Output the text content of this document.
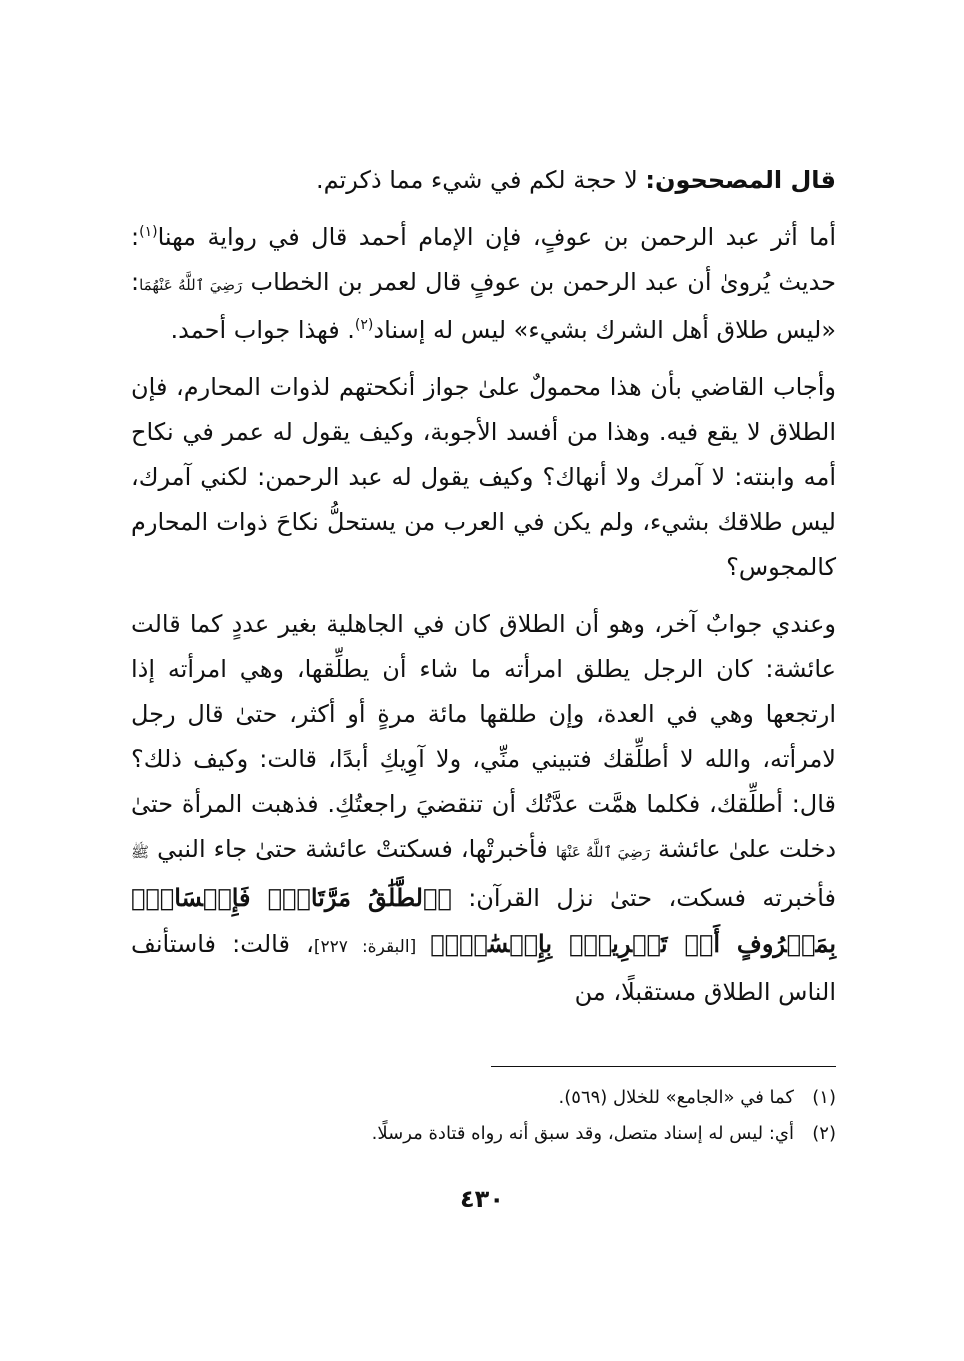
قال المصححون: لا حجة لكم في شيء مما ذكرتم.

أما أثر عبد الرحمن بن عوفٍ، فإن الإمام أحمد قال في رواية مهنا$^{(١)}$: حديث يُروىٰ أن عبد الرحمن بن عوفٍ قال لعمر بن الخطاب رَضِيَ ٱللَّهُ عَنْهُمَا: «ليس طلاق أهل الشرك بشيء» ليس له إسناد$^{(٢)}$. فهذا جواب أحمد.

وأجاب القاضي بأن هذا محمولٌ علىٰ جواز أنكحتهم لذوات المحارم، فإن الطلاق لا يقع فيه. وهذا من أفسد الأجوبة، وكيف يقول له عمر في نكاح أمه وابنته: لا آمرك ولا أنهاك؟ وكيف يقول له عبد الرحمن: لكني آمرك، ليس طلاقك بشيء، ولم يكن في العرب من يستحلُّ نكاحَ ذوات المحارم كالمجوس؟

وعندي جوابٌ آخر، وهو أن الطلاق كان في الجاهلية بغير عددٍ كما قالت عائشة: كان الرجل يطلق امرأته ما شاء أن يطلِّقها، وهي امرأته إذا ارتجعها وهي في العدة، وإن طلقها مائة مرةٍ أو أكثر، حتىٰ قال رجل لامرأته، والله لا أطلِّقك فتبيني منِّي، ولا آوِيكِ أبدًا، قالت: وكيف ذلك؟ قال: أطلِّقك، فكلما همَّت عدَّتُك أن تنقضيَ راجعتُكِ. فذهبت المرأة حتىٰ دخلت علىٰ عائشة رَضِيَ ٱللَّهُ عَنْهَا فأخبرتْها، فسكتتْ عائشة حتىٰ جاء النبي ﷺ فأخبرته فسكت، حتىٰ نزل القرآن: ﴿ٱلطَّلَٰقُ مَرَّتَانِۖ فَإِمۡسَاكُۢ بِمَعۡرُوفٍ أَوۡ تَسۡرِيحُۢ بِإِحۡسَٰنٖۗ﴾ [البقرة: ٢٢٧]، قالت: فاستأنف الناس الطلاق مستقبلًا، من

(١)
كما في «الجامع» للخلال (٥٦٩).
(٢)
أي: ليس له إسناد متصل، وقد سبق أنه رواه قتادة مرسلًا.
٤٣٠
